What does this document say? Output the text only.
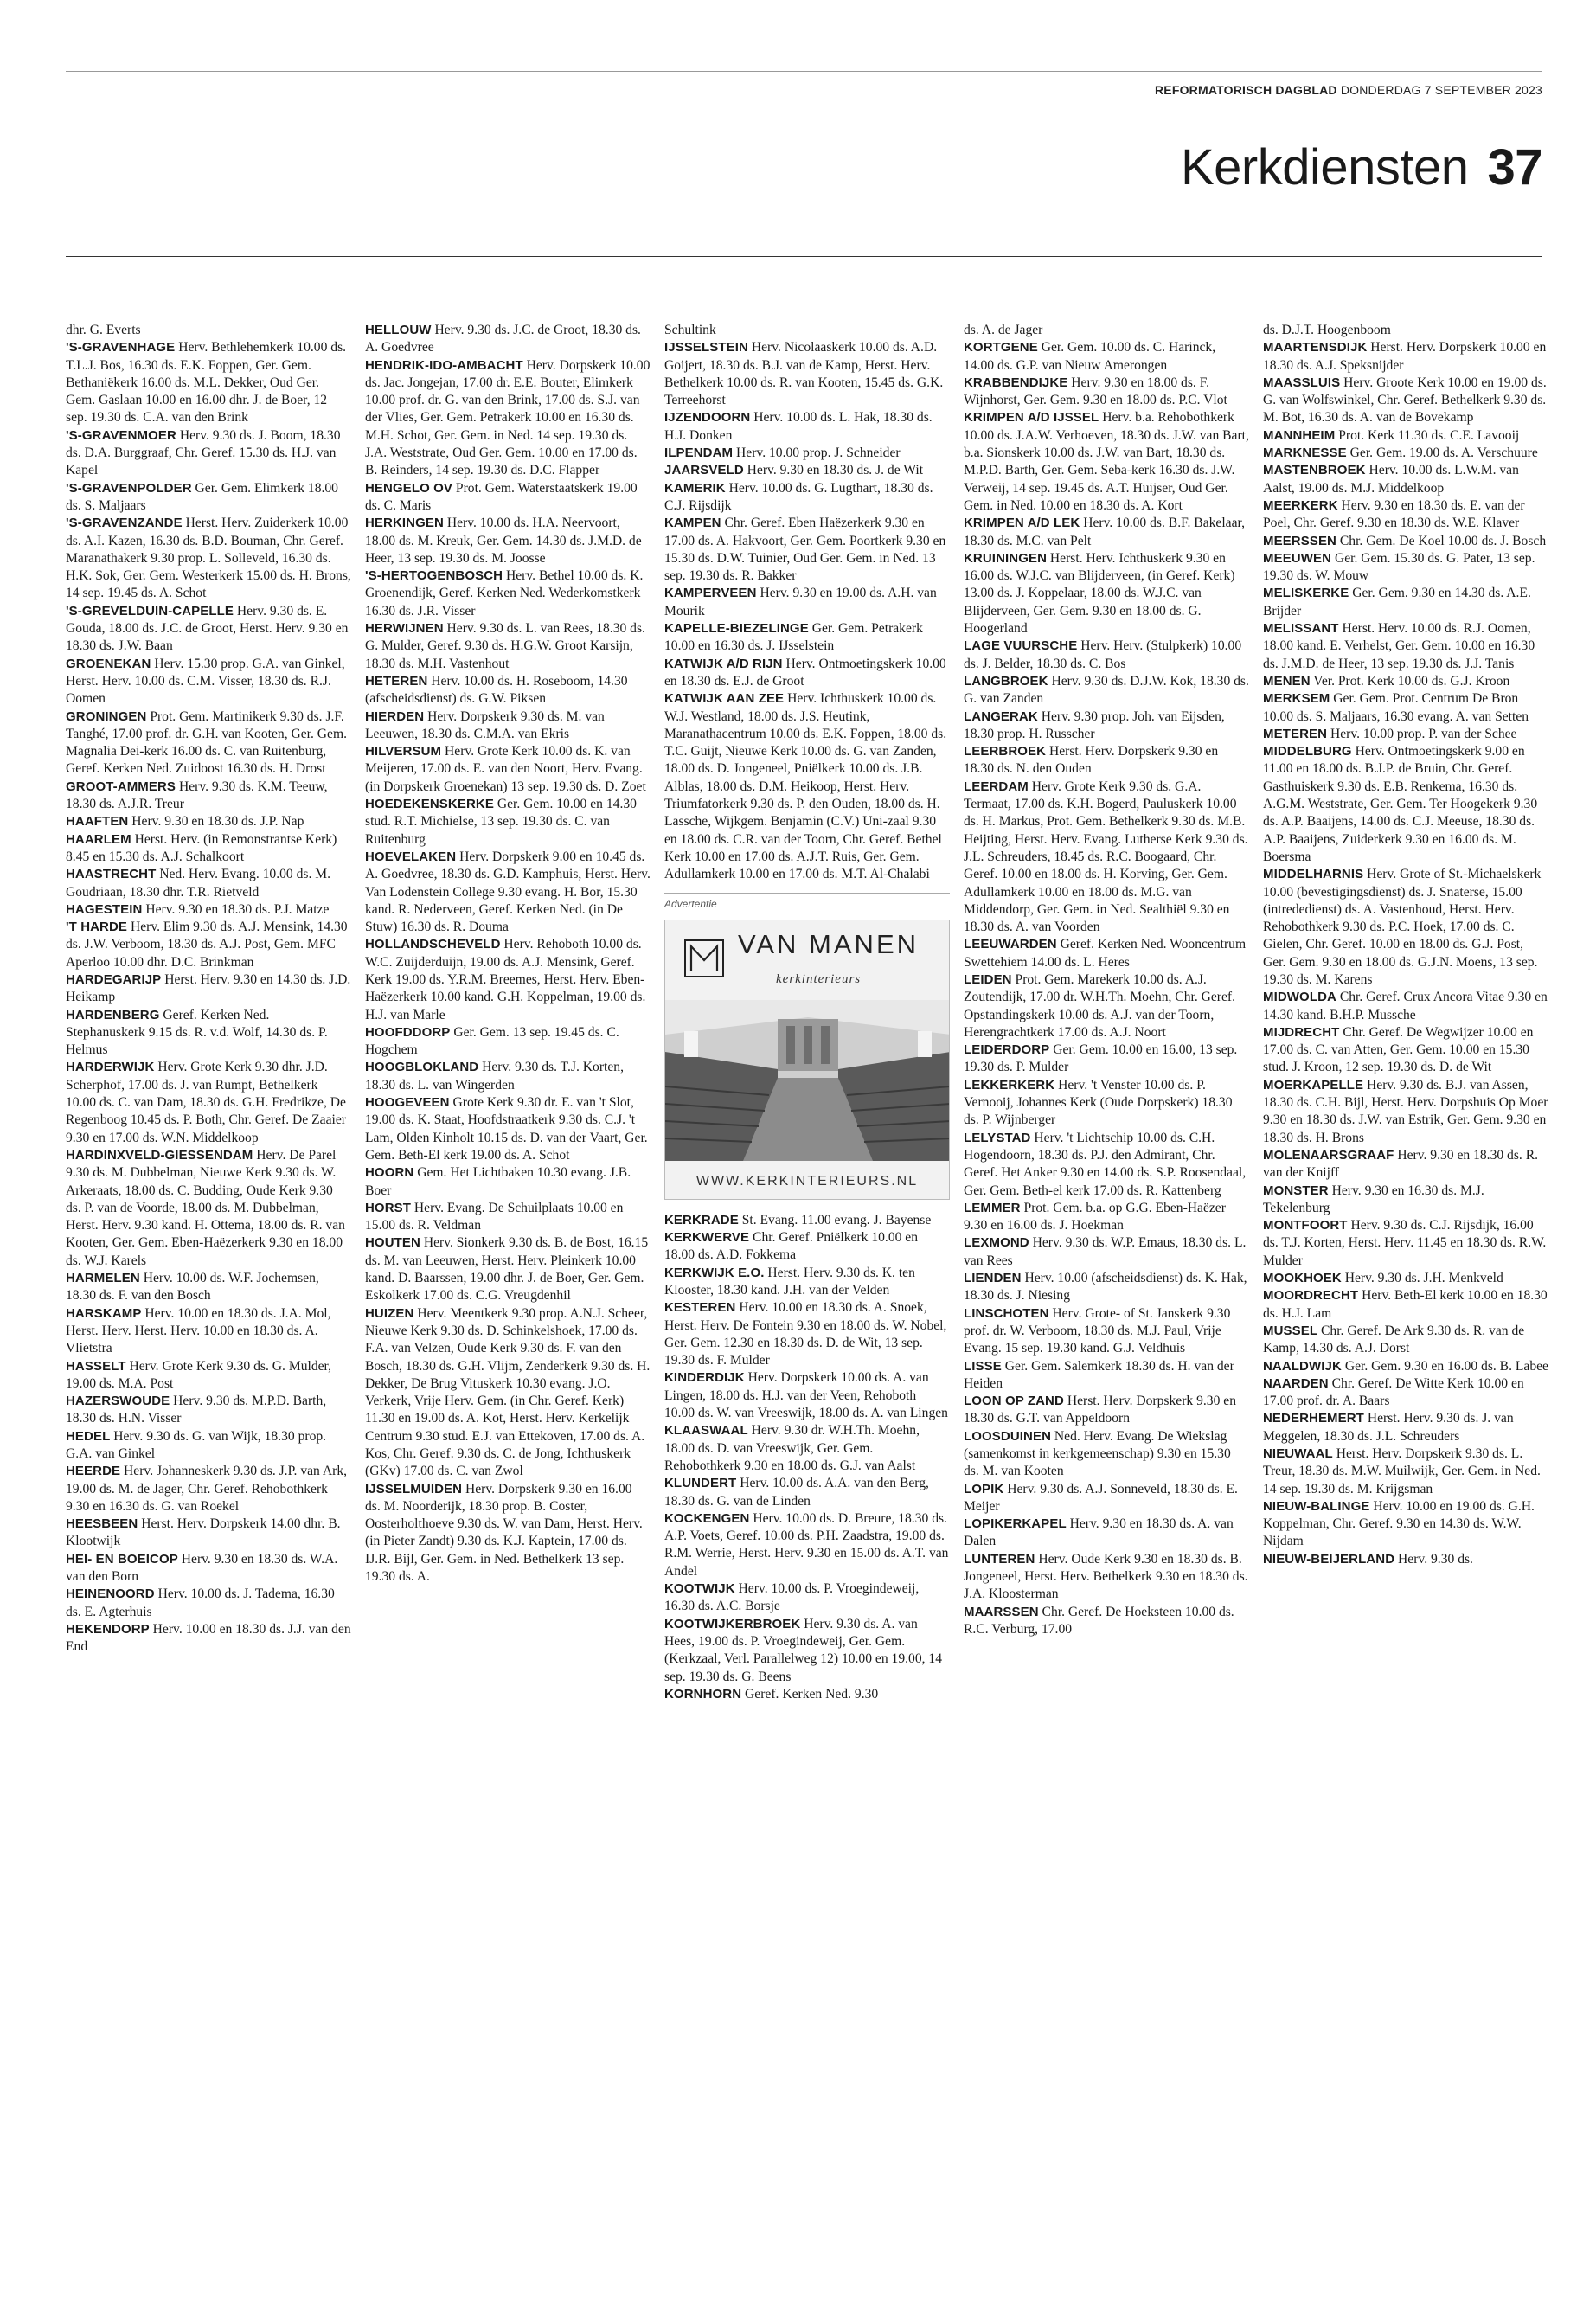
REFORMATORISCH DAGBLAD DONDERDAG 7 SEPTEMBER 2023
Kerkdiensten 37

dhr. G. Everts

'S-GRAVENHAGE Herv. Bethlehemkerk 10.00 ds. T.L.J. Bos, 16.30 ds. E.K. Foppen, Ger. Gem. Bethaniëkerk 16.00 ds. M.L. Dekker, Oud Ger. Gem. Gaslaan 10.00 en 16.00 dhr. J. de Boer, 12 sep. 19.30 ds. C.A. van den Brink

'S-GRAVENMOER Herv. 9.30 ds. J. Boom, 18.30 ds. D.A. Burggraaf, Chr. Geref. 15.30 ds. H.J. van Kapel

'S-GRAVENPOLDER Ger. Gem. Elimkerk 18.00 ds. S. Maljaars

'S-GRAVENZANDE Herst. Herv. Zuiderkerk 10.00 ds. A.I. Kazen, 16.30 ds. B.D. Bouman, Chr. Geref. Maranathakerk 9.30 prop. L. Solleveld, 16.30 ds. H.K. Sok, Ger. Gem. Westerkerk 15.00 ds. H. Brons, 14 sep. 19.45 ds. A. Schot

'S-GREVELDUIN-CAPELLE Herv. 9.30 ds. E. Gouda, 18.00 ds. J.C. de Groot, Herst. Herv. 9.30 en 18.30 ds. J.W. Baan

GROENEKAN Herv. 15.30 prop. G.A. van Ginkel, Herst. Herv. 10.00 ds. C.M. Visser, 18.30 ds. R.J. Oomen

GRONINGEN Prot. Gem. Martinikerk 9.30 ds. J.F. Tanghé, 17.00 prof. dr. G.H. van Kooten, Ger. Gem. Magnalia Dei-kerk 16.00 ds. C. van Ruitenburg, Geref. Kerken Ned. Zuidoost 16.30 ds. H. Drost

GROOT-AMMERS Herv. 9.30 ds. K.M. Teeuw, 18.30 ds. A.J.R. Treur

HAAFTEN Herv. 9.30 en 18.30 ds. J.P. Nap

HAARLEM Herst. Herv. (in Remonstrantse Kerk) 8.45 en 15.30 ds. A.J. Schalkoort

HAASTRECHT Ned. Herv. Evang. 10.00 ds. M. Goudriaan, 18.30 dhr. T.R. Rietveld

HAGESTEIN Herv. 9.30 en 18.30 ds. P.J. Matze

'T HARDE Herv. Elim 9.30 ds. A.J. Mensink, 14.30 ds. J.W. Verboom, 18.30 ds. A.J. Post, Gem. MFC Aperloo 10.00 dhr. D.C. Brinkman

HARDEGARIJP Herst. Herv. 9.30 en 14.30 ds. J.D. Heikamp

HARDENBERG Geref. Kerken Ned. Stephanuskerk 9.15 ds. R. v.d. Wolf, 14.30 ds. P. Helmus

HARDERWIJK Herv. Grote Kerk 9.30 dhr. J.D. Scherphof, 17.00 ds. J. van Rumpt, Bethelkerk 10.00 ds. C. van Dam, 18.30 ds. G.H. Fredrikze, De Regenboog 10.45 ds. P. Both, Chr. Geref. De Zaaier 9.30 en 17.00 ds. W.N. Middelkoop

HARDINXVELD-GIESSENDAM Herv. De Parel 9.30 ds. M. Dubbelman, Nieuwe Kerk 9.30 ds. W. Arkeraats, 18.00 ds. C. Budding, Oude Kerk 9.30 ds. P. van de Voorde, 18.00 ds. M. Dubbelman, Herst. Herv. 9.30 kand. H. Ottema, 18.00 ds. R. van Kooten, Ger. Gem. Eben-Haëzerkerk 9.30 en 18.00 ds. W.J. Karels

HARMELEN Herv. 10.00 ds. W.F. Jochemsen, 18.30 ds. F. van den Bosch

HARSKAMP Herv. 10.00 en 18.30 ds. J.A. Mol, Herst. Herv. Herst. Herv. 10.00 en 18.30 ds. A. Vlietstra

HASSELT Herv. Grote Kerk 9.30 ds. G. Mulder, 19.00 ds. M.A. Post

HAZERSWOUDE Herv. 9.30 ds. M.P.D. Barth, 18.30 ds. H.N. Visser

HEDEL Herv. 9.30 ds. G. van Wijk, 18.30 prop. G.A. van Ginkel

HEERDE Herv. Johanneskerk 9.30 ds. J.P. van Ark, 19.00 ds. M. de Jager, Chr. Geref. Rehobothkerk 9.30 en 16.30 ds. G. van Roekel

HEESBEEN Herst. Herv. Dorpskerk 14.00 dhr. B. Klootwijk

HEI- EN BOEICOP Herv. 9.30 en 18.30 ds. W.A. van den Born

HEINENOORD Herv. 10.00 ds. J. Tadema, 16.30 ds. E. Agterhuis

HEKENDORP Herv. 10.00 en 18.30 ds. J.J. van den End

HELLOUW Herv. 9.30 ds. J.C. de Groot, 18.30 ds. A. Goedvree

HENDRIK-IDO-AMBACHT Herv. Dorpskerk 10.00 ds. Jac. Jongejan, 17.00 dr. E.E. Bouter, Elimkerk 10.00 prof. dr. G. van den Brink, 17.00 ds. S.J. van der Vlies, Ger. Gem. Petrakerk 10.00 en 16.30 ds. M.H. Schot, Ger. Gem. in Ned. 14 sep. 19.30 ds. J.A. Weststrate, Oud Ger. Gem. 10.00 en 17.00 ds. B. Reinders, 14 sep. 19.30 ds. D.C. Flapper

HENGELO OV Prot. Gem. Waterstaatskerk 19.00 ds. C. Maris

HERKINGEN Herv. 10.00 ds. H.A. Neervoort, 18.00 ds. M. Kreuk, Ger. Gem. 14.30 ds. J.M.D. de Heer, 13 sep. 19.30 ds. M. Joosse

'S-HERTOGENBOSCH Herv. Bethel 10.00 ds. K. Groenendijk, Geref. Kerken Ned. Wederkomstkerk 16.30 ds. J.R. Visser

HERWIJNEN Herv. 9.30 ds. L. van Rees, 18.30 ds. G. Mulder, Geref. 9.30 ds. H.G.W. Groot Karsijn, 18.30 ds. M.H. Vastenhout

HETEREN Herv. 10.00 ds. H. Roseboom, 14.30 (afscheidsdienst) ds. G.W. Piksen

HIERDEN Herv. Dorpskerk 9.30 ds. M. van Leeuwen, 18.30 ds. C.M.A. van Ekris

HILVERSUM Herv. Grote Kerk 10.00 ds. K. van Meijeren, 17.00 ds. E. van den Noort, Herv. Evang. (in Dorpskerk Groenekan) 13 sep. 19.30 ds. D. Zoet

HOEDEKENSKERKE Ger. Gem. 10.00 en 14.30 stud. R.T. Michielse, 13 sep. 19.30 ds. C. van Ruitenburg

HOEVELAKEN Herv. Dorpskerk 9.00 en 10.45 ds. A. Goedvree, 18.30 ds. G.D. Kamphuis, Herst. Herv. Van Lodenstein College 9.30 evang. H. Bor, 15.30 kand. R. Nederveen, Geref. Kerken Ned. (in De Stuw) 16.30 ds. R. Douma

HOLLANDSCHEVELD Herv. Rehoboth 10.00 ds. W.C. Zuijderduijn, 19.00 ds. A.J. Mensink, Geref. Kerk 19.00 ds. Y.R.M. Breemes, Herst. Herv. Eben-Haëzerkerk 10.00 kand. G.H. Koppelman, 19.00 ds. H.J. van Marle

HOOFDDORP Ger. Gem. 13 sep. 19.45 ds. C. Hogchem

HOOGBLOKLAND Herv. 9.30 ds. T.J. Korten, 18.30 ds. L. van Wingerden

HOOGEVEEN Grote Kerk 9.30 dr. E. van 't Slot, 19.00 ds. K. Staat, Hoofdstraatkerk 9.30 ds. C.J. 't Lam, Olden Kinholt 10.15 ds. D. van der Vaart, Ger. Gem. Beth-El kerk 19.00 ds. A. Schot

HOORN Gem. Het Lichtbaken 10.30 evang. J.B. Boer

HORST Herv. Evang. De Schuilplaats 10.00 en 15.00 ds. R. Veldman

HOUTEN Herv. Sionkerk 9.30 ds. B. de Bost, 16.15 ds. M. van Leeuwen, Herst. Herv. Pleinkerk 10.00 kand. D. Baarssen, 19.00 dhr. J. de Boer, Ger. Gem. Eskolkerk 17.00 ds. C.G. Vreugdenhil

HUIZEN Herv. Meentkerk 9.30 prop. A.N.J. Scheer, Nieuwe Kerk 9.30 ds. D. Schinkelshoek, 17.00 ds. F.A. van Velzen, Oude Kerk 9.30 ds. F. van den Bosch, 18.30 ds. G.H. Vlijm, Zenderkerk 9.30 ds. H. Dekker, De Brug Vituskerk 10.30 evang. J.O. Verkerk, Vrije Herv. Gem. (in Chr. Geref. Kerk) 11.30 en 19.00 ds. A. Kot, Herst. Herv. Kerkelijk Centrum 9.30 stud. E.J. van Ettekoven, 17.00 ds. A. Kos, Chr. Geref. 9.30 ds. C. de Jong, Ichthuskerk (GKv) 17.00 ds. C. van Zwol

IJSSELMUIDEN Herv. Dorpskerk 9.30 en 16.00 ds. M. Noorderijk, 18.30 prop. B. Coster, Oosterholthoeve 9.30 ds. W. van Dam, Herst. Herv. (in Pieter Zandt) 9.30 ds. K.J. Kaptein, 17.00 ds. IJ.R. Bijl, Ger. Gem. in Ned. Bethelkerk 13 sep. 19.30 ds. A.

Schultink

IJSSELSTEIN Herv. Nicolaaskerk 10.00 ds. A.D. Goijert, 18.30 ds. B.J. van de Kamp, Herst. Herv. Bethelkerk 10.00 ds. R. van Kooten, 15.45 ds. G.K. Terreehorst

IJZENDOORN Herv. 10.00 ds. L. Hak, 18.30 ds. H.J. Donken

ILPENDAM Herv. 10.00 prop. J. Schneider

JAARSVELD Herv. 9.30 en 18.30 ds. J. de Wit

KAMERIK Herv. 10.00 ds. G. Lugthart, 18.30 ds. C.J. Rijsdijk

KAMPEN Chr. Geref. Eben Haëzerkerk 9.30 en 17.00 ds. A. Hakvoort, Ger. Gem. Poortkerk 9.30 en 15.30 ds. D.W. Tuinier, Oud Ger. Gem. in Ned. 13 sep. 19.30 ds. R. Bakker

KAMPERVEEN Herv. 9.30 en 19.00 ds. A.H. van Mourik

KAPELLE-BIEZELINGE Ger. Gem. Petrakerk 10.00 en 16.30 ds. J. IJsselstein

KATWIJK A/D RIJN Herv. Ontmoetingskerk 10.00 en 18.30 ds. E.J. de Groot

KATWIJK AAN ZEE Herv. Ichthuskerk 10.00 ds. W.J. Westland, 18.00 ds. J.S. Heutink, Maranathacentrum 10.00 ds. E.K. Foppen, 18.00 ds. T.C. Guijt, Nieuwe Kerk 10.00 ds. G. van Zanden, 18.00 ds. D. Jongeneel, Pniëlkerk 10.00 ds. J.B. Alblas, 18.00 ds. D.M. Heikoop, Herst. Herv. Triumfatorkerk 9.30 ds. P. den Ouden, 18.00 ds. H. Lassche, Wijkgem. Benjamin (C.V.) Uni-zaal 9.30 en 18.00 ds. C.R. van der Toorn, Chr. Geref. Bethel Kerk 10.00 en 17.00 ds. A.J.T. Ruis, Ger. Gem. Adullamkerk 10.00 en 17.00 ds. M.T. Al-Chalabi

Advertentie
VAN MANEN
kerkinterieurs
WWW.KERKINTERIEURS.NL

KERKRADE St. Evang. 11.00 evang. J. Bayense

KERKWERVE Chr. Geref. Pniëlkerk 10.00 en 18.00 ds. A.D. Fokkema

KERKWIJK E.O. Herst. Herv. 9.30 ds. K. ten Klooster, 18.30 kand. J.H. van der Velden

KESTEREN Herv. 10.00 en 18.30 ds. A. Snoek, Herst. Herv. De Fontein 9.30 en 18.00 ds. W. Nobel, Ger. Gem. 12.30 en 18.30 ds. D. de Wit, 13 sep. 19.30 ds. F. Mulder

KINDERDIJK Herv. Dorpskerk 10.00 ds. A. van Lingen, 18.00 ds. H.J. van der Veen, Rehoboth 10.00 ds. W. van Vreeswijk, 18.00 ds. A. van Lingen

KLAASWAAL Herv. 9.30 dr. W.H.Th. Moehn, 18.00 ds. D. van Vreeswijk, Ger. Gem. Rehobothkerk 9.30 en 18.00 ds. G.J. van Aalst

KLUNDERT Herv. 10.00 ds. A.A. van den Berg, 18.30 ds. G. van de Linden

KOCKENGEN Herv. 10.00 ds. D. Breure, 18.30 ds. A.P. Voets, Geref. 10.00 ds. P.H. Zaadstra, 19.00 ds. R.M. Werrie, Herst. Herv. 9.30 en 15.00 ds. A.T. van Andel

KOOTWIJK Herv. 10.00 ds. P. Vroegindeweij, 16.30 ds. A.C. Borsje

KOOTWIJKERBROEK Herv. 9.30 ds. A. van Hees, 19.00 ds. P. Vroegindeweij, Ger. Gem. (Kerkzaal, Verl. Parallelweg 12) 10.00 en 19.00, 14 sep. 19.30 ds. G. Beens

KORNHORN Geref. Kerken Ned. 9.30

ds. A. de Jager

KORTGENE Ger. Gem. 10.00 ds. C. Harinck, 14.00 ds. G.P. van Nieuw Amerongen

KRABBENDIJKE Herv. 9.30 en 18.00 ds. F. Wijnhorst, Ger. Gem. 9.30 en 18.00 ds. P.C. Vlot

KRIMPEN A/D IJSSEL Herv. b.a. Rehobothkerk 10.00 ds. J.A.W. Verhoeven, 18.30 ds. J.W. van Bart, b.a. Sionskerk 10.00 ds. J.W. van Bart, 18.30 ds. M.P.D. Barth, Ger. Gem. Seba-kerk 16.30 ds. J.W. Verweij, 14 sep. 19.45 ds. A.T. Huijser, Oud Ger. Gem. in Ned. 10.00 en 18.30 ds. A. Kort

KRIMPEN A/D LEK Herv. 10.00 ds. B.F. Bakelaar, 18.30 ds. M.C. van Pelt

KRUININGEN Herst. Herv. Ichthuskerk 9.30 en 16.00 ds. W.J.C. van Blijderveen, (in Geref. Kerk) 13.00 ds. J. Koppelaar, 18.00 ds. W.J.C. van Blijderveen, Ger. Gem. 9.30 en 18.00 ds. G. Hoogerland

LAGE VUURSCHE Herv. Herv. (Stulpkerk) 10.00 ds. J. Belder, 18.30 ds. C. Bos

LANGBROEK Herv. 9.30 ds. D.J.W. Kok, 18.30 ds. G. van Zanden

LANGERAK Herv. 9.30 prop. Joh. van Eijsden, 18.30 prop. H. Russcher

LEERBROEK Herst. Herv. Dorpskerk 9.30 en 18.30 ds. N. den Ouden

LEERDAM Herv. Grote Kerk 9.30 ds. G.A. Termaat, 17.00 ds. K.H. Bogerd, Pauluskerk 10.00 ds. H. Markus, Prot. Gem. Bethelkerk 9.30 ds. M.B. Heijting, Herst. Herv. Evang. Lutherse Kerk 9.30 ds. J.L. Schreuders, 18.45 ds. R.C. Boogaard, Chr. Geref. 10.00 en 18.00 ds. H. Korving, Ger. Gem. Adullamkerk 10.00 en 18.00 ds. M.G. van Middendorp, Ger. Gem. in Ned. Sealthiël 9.30 en 18.30 ds. A. van Voorden

LEEUWARDEN Geref. Kerken Ned. Wooncentrum Swettehiem 14.00 ds. L. Heres

LEIDEN Prot. Gem. Marekerk 10.00 ds. A.J. Zoutendijk, 17.00 dr. W.H.Th. Moehn, Chr. Geref. Opstandingskerk 10.00 ds. A.J. van der Toorn, Herengrachtkerk 17.00 ds. A.J. Noort

LEIDERDORP Ger. Gem. 10.00 en 16.00, 13 sep. 19.30 ds. P. Mulder

LEKKERKERK Herv. 't Venster 10.00 ds. P. Vernooij, Johannes Kerk (Oude Dorpskerk) 18.30 ds. P. Wijnberger

LELYSTAD Herv. 't Lichtschip 10.00 ds. C.H. Hogendoorn, 18.30 ds. P.J. den Admirant, Chr. Geref. Het Anker 9.30 en 14.00 ds. S.P. Roosendaal, Ger. Gem. Beth-el kerk 17.00 ds. R. Kattenberg

LEMMER Prot. Gem. b.a. op G.G. Eben-Haëzer 9.30 en 16.00 ds. J. Hoekman

LEXMOND Herv. 9.30 ds. W.P. Emaus, 18.30 ds. L. van Rees

LIENDEN Herv. 10.00 (afscheidsdienst) ds. K. Hak, 18.30 ds. J. Niesing

LINSCHOTEN Herv. Grote- of St. Janskerk 9.30 prof. dr. W. Verboom, 18.30 ds. M.J. Paul, Vrije Evang. 15 sep. 19.30 kand. G.J. Veldhuis

LISSE Ger. Gem. Salemkerk 18.30 ds. H. van der Heiden

LOON OP ZAND Herst. Herv. Dorpskerk 9.30 en 18.30 ds. G.T. van Appeldoorn

LOOSDUINEN Ned. Herv. Evang. De Wiekslag (samenkomst in kerkgemeenschap) 9.30 en 15.30 ds. M. van Kooten

LOPIK Herv. 9.30 ds. A.J. Sonneveld, 18.30 ds. E. Meijer

LOPIKERKAPEL Herv. 9.30 en 18.30 ds. A. van Dalen

LUNTEREN Herv. Oude Kerk 9.30 en 18.30 ds. B. Jongeneel, Herst. Herv. Bethelkerk 9.30 en 18.30 ds. J.A. Kloosterman

MAARSSEN Chr. Geref. De Hoeksteen 10.00 ds. R.C. Verburg, 17.00

ds. D.J.T. Hoogenboom

MAARTENSDIJK Herst. Herv. Dorpskerk 10.00 en 18.30 ds. A.J. Speksnijder

MAASSLUIS Herv. Groote Kerk 10.00 en 19.00 ds. G. van Wolfswinkel, Chr. Geref. Bethelkerk 9.30 ds. M. Bot, 16.30 ds. A. van de Bovekamp

MANNHEIM Prot. Kerk 11.30 ds. C.E. Lavooij

MARKNESSE Ger. Gem. 19.00 ds. A. Verschuure

MASTENBROEK Herv. 10.00 ds. L.W.M. van Aalst, 19.00 ds. M.J. Middelkoop

MEERKERK Herv. 9.30 en 18.30 ds. E. van der Poel, Chr. Geref. 9.30 en 18.30 ds. W.E. Klaver

MEERSSEN Chr. Gem. De Koel 10.00 ds. J. Bosch

MEEUWEN Ger. Gem. 15.30 ds. G. Pater, 13 sep. 19.30 ds. W. Mouw

MELISKERKE Ger. Gem. 9.30 en 14.30 ds. A.E. Brijder

MELISSANT Herst. Herv. 10.00 ds. R.J. Oomen, 18.00 kand. E. Verhelst, Ger. Gem. 10.00 en 16.30 ds. J.M.D. de Heer, 13 sep. 19.30 ds. J.J. Tanis

MENEN Ver. Prot. Kerk 10.00 ds. G.J. Kroon

MERKSEM Ger. Gem. Prot. Centrum De Bron 10.00 ds. S. Maljaars, 16.30 evang. A. van Setten

METEREN Herv. 10.00 prop. P. van der Schee

MIDDELBURG Herv. Ontmoetingskerk 9.00 en 11.00 en 18.00 ds. B.J.P. de Bruin, Chr. Geref. Gasthuiskerk 9.30 ds. E.B. Renkema, 16.30 ds. A.G.M. Weststrate, Ger. Gem. Ter Hoogekerk 9.30 ds. A.P. Baaijens, 14.00 ds. C.J. Meeuse, 18.30 ds. A.P. Baaijens, Zuiderkerk 9.30 en 16.00 ds. M. Boersma

MIDDELHARNIS Herv. Grote of St.-Michaelskerk 10.00 (bevestigingsdienst) ds. J. Snaterse, 15.00 (intrededienst) ds. A. Vastenhoud, Herst. Herv. Rehobothkerk 9.30 ds. P.C. Hoek, 17.00 ds. C. Gielen, Chr. Geref. 10.00 en 18.00 ds. G.J. Post, Ger. Gem. 9.30 en 18.00 ds. G.J.N. Moens, 13 sep. 19.30 ds. M. Karens

MIDWOLDA Chr. Geref. Crux Ancora Vitae 9.30 en 14.30 kand. B.H.P. Mussche

MIJDRECHT Chr. Geref. De Wegwijzer 10.00 en 17.00 ds. C. van Atten, Ger. Gem. 10.00 en 15.30 stud. J. Kroon, 12 sep. 19.30 ds. D. de Wit

MOERKAPELLE Herv. 9.30 ds. B.J. van Assen, 18.30 ds. C.H. Bijl, Herst. Herv. Dorpshuis Op Moer 9.30 en 18.30 ds. J.W. van Estrik, Ger. Gem. 9.30 en 18.30 ds. H. Brons

MOLENAARSGRAAF Herv. 9.30 en 18.30 ds. R. van der Knijff

MONSTER Herv. 9.30 en 16.30 ds. M.J. Tekelenburg

MONTFOORT Herv. 9.30 ds. C.J. Rijsdijk, 16.00 ds. T.J. Korten, Herst. Herv. 11.45 en 18.30 ds. R.W. Mulder

MOOKHOEK Herv. 9.30 ds. J.H. Menkveld

MOORDRECHT Herv. Beth-El kerk 10.00 en 18.30 ds. H.J. Lam

MUSSEL Chr. Geref. De Ark 9.30 ds. R. van de Kamp, 14.30 ds. A.J. Dorst

NAALDWIJK Ger. Gem. 9.30 en 16.00 ds. B. Labee

NAARDEN Chr. Geref. De Witte Kerk 10.00 en 17.00 prof. dr. A. Baars

NEDERHEMERT Herst. Herv. 9.30 ds. J. van Meggelen, 18.30 ds. J.L. Schreuders

NIEUWAAL Herst. Herv. Dorpskerk 9.30 ds. L. Treur, 18.30 ds. M.W. Muilwijk, Ger. Gem. in Ned. 14 sep. 19.30 ds. M. Krijgsman

NIEUW-BALINGE Herv. 10.00 en 19.00 ds. G.H. Koppelman, Chr. Geref. 9.30 en 14.30 ds. W.W. Nijdam

NIEUW-BEIJERLAND Herv. 9.30 ds.
